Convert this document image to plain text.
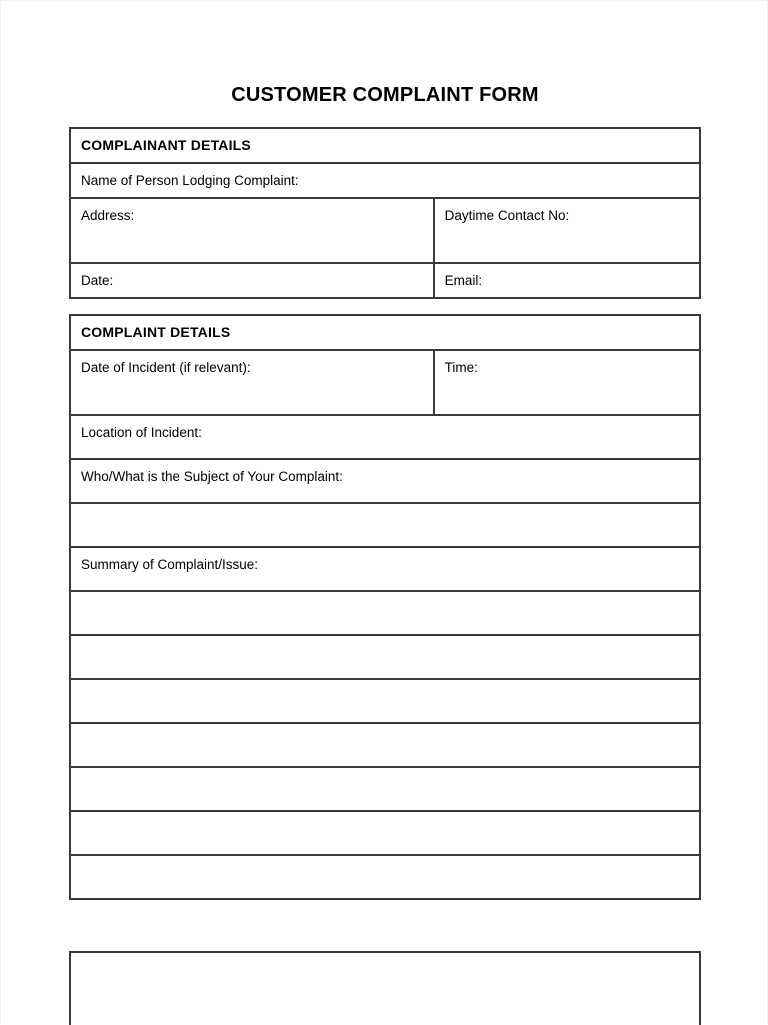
CUSTOMER COMPLAINT FORM
COMPLAINANT DETAILS
Name of Person Lodging Complaint:
Address:	Daytime Contact No:
Date:	Email:
COMPLAINT DETAILS
Date of Incident (if relevant):	Time:
Location of Incident:
Who/What is the Subject of Your Complaint:
Summary of Complaint/Issue:
